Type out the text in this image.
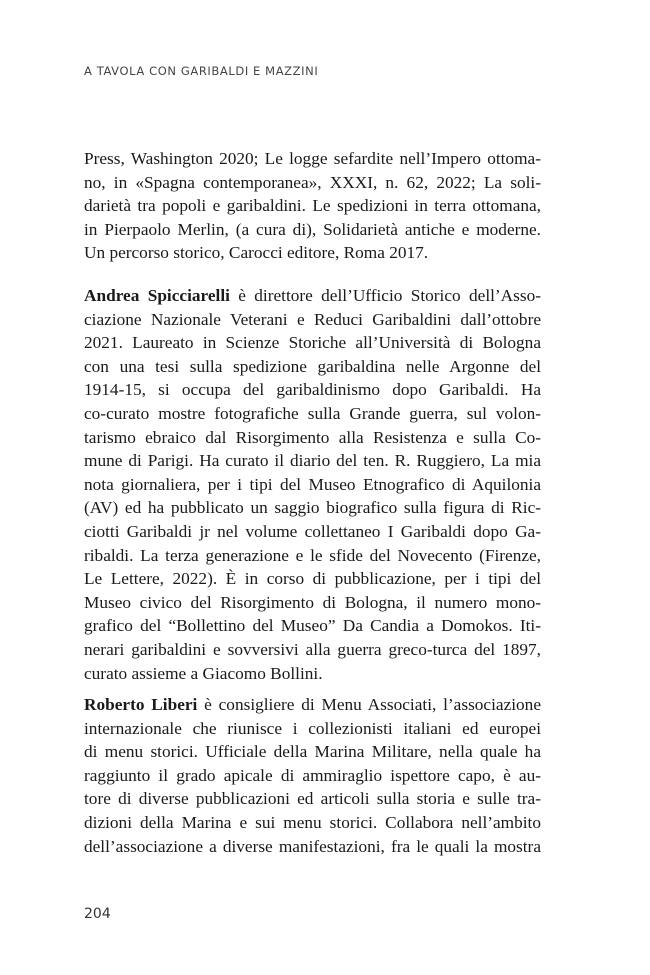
A TAVOLA CON GARIBALDI E MAZZINI
Press, Washington 2020; Le logge sefardite nell’Impero ottoma-
no, in «Spagna contemporanea», XXXI, n. 62, 2022; La soli-
darietà tra popoli e garibaldini. Le spedizioni in terra ottomana,
in Pierpaolo Merlin, (a cura di), Solidarietà antiche e moderne.
Un percorso storico, Carocci editore, Roma 2017.
Andrea Spicciarelli è direttore dell’Ufficio Storico dell’Asso-
ciazione Nazionale Veterani e Reduci Garibaldini dall’ottobre
2021. Laureato in Scienze Storiche all’Università di Bologna
con una tesi sulla spedizione garibaldina nelle Argonne del
1914-15, si occupa del garibaldinismo dopo Garibaldi. Ha
co-curato mostre fotografiche sulla Grande guerra, sul volon-
tarismo ebraico dal Risorgimento alla Resistenza e sulla Co-
mune di Parigi. Ha curato il diario del ten. R. Ruggiero, La mia
nota giornaliera, per i tipi del Museo Etnografico di Aquilonia
(AV) ed ha pubblicato un saggio biografico sulla figura di Ric-
ciotti Garibaldi jr nel volume collettaneo I Garibaldi dopo Ga-
ribaldi. La terza generazione e le sfide del Novecento (Firenze,
Le Lettere, 2022). È in corso di pubblicazione, per i tipi del
Museo civico del Risorgimento di Bologna, il numero mono-
grafico del “Bollettino del Museo” Da Candia a Domokos. Iti-
nerari garibaldini e sovversivi alla guerra greco-turca del 1897,
curato assieme a Giacomo Bollini.
Roberto Liberi è consigliere di Menu Associati, l’associazione
internazionale che riunisce i collezionisti italiani ed europei
di menu storici. Ufficiale della Marina Militare, nella quale ha
raggiunto il grado apicale di ammiraglio ispettore capo, è au-
tore di diverse pubblicazioni ed articoli sulla storia e sulle tra-
dizioni della Marina e sui menu storici. Collabora nell’ambito
dell’associazione a diverse manifestazioni, fra le quali la mostra
204
